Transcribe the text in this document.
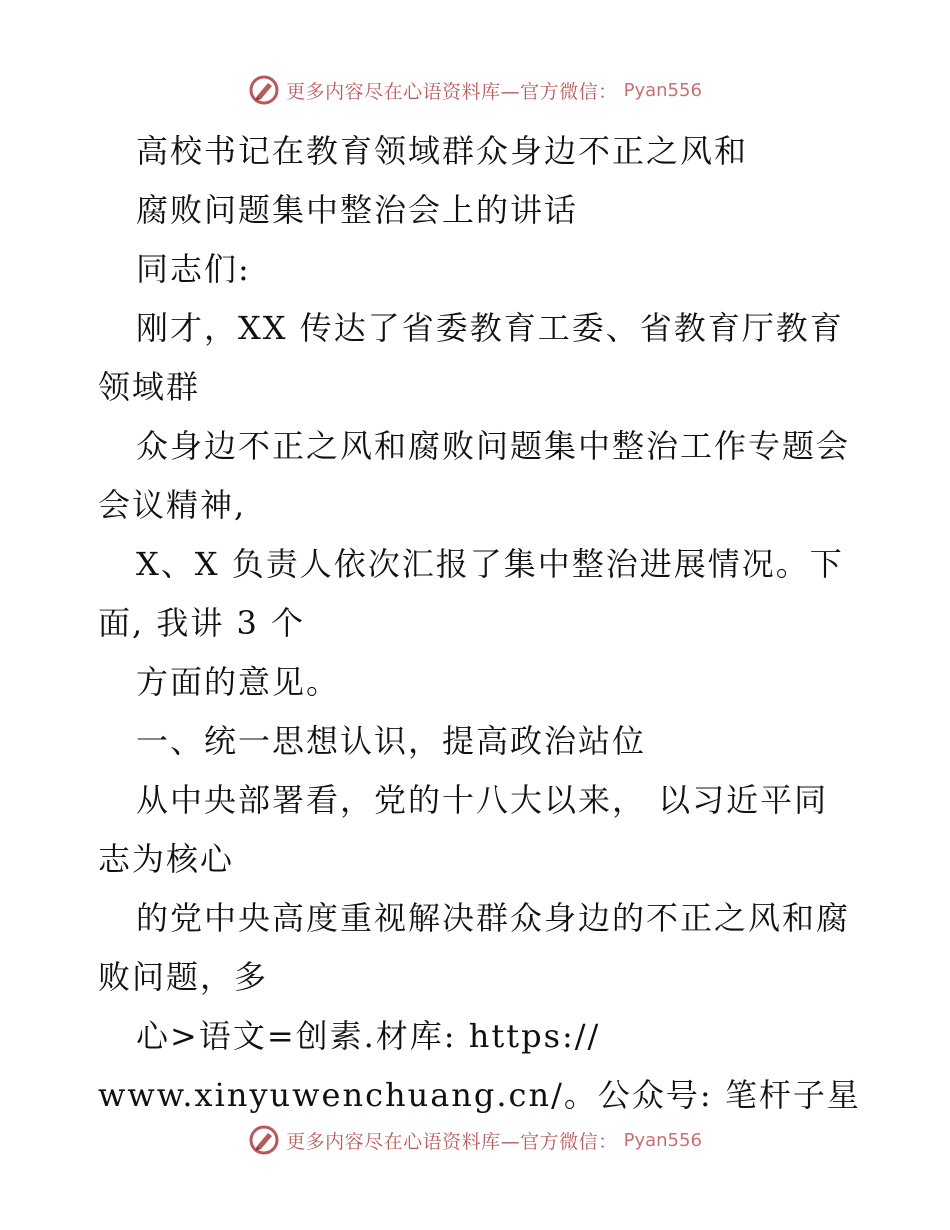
更多内容尽在心语资料库—官方微信： Pyan556
高校书记在教育领域群众身边不正之风和
腐败问题集中整治会上的讲话
同志们:
刚才，XX 传达了省委教育工委、省教育厅教育
领域群
众身边不正之风和腐败问题集中整治工作专题会
会议精神,
X、X 负责人依次汇报了集中整治进展情况。下
面, 我讲 3 个
方面的意见。
一、统一思想认识，提高政治站位
从中央部署看，党的十八大以来， 以习近平同
志为核心
的党中央高度重视解决群众身边的不正之风和腐
败问题，多
心>语文=创素.材库: https://
www.xinyuwenchuang.cn/。公众号: 笔杆子星
更多内容尽在心语资料库—官方微信： Pyan556
